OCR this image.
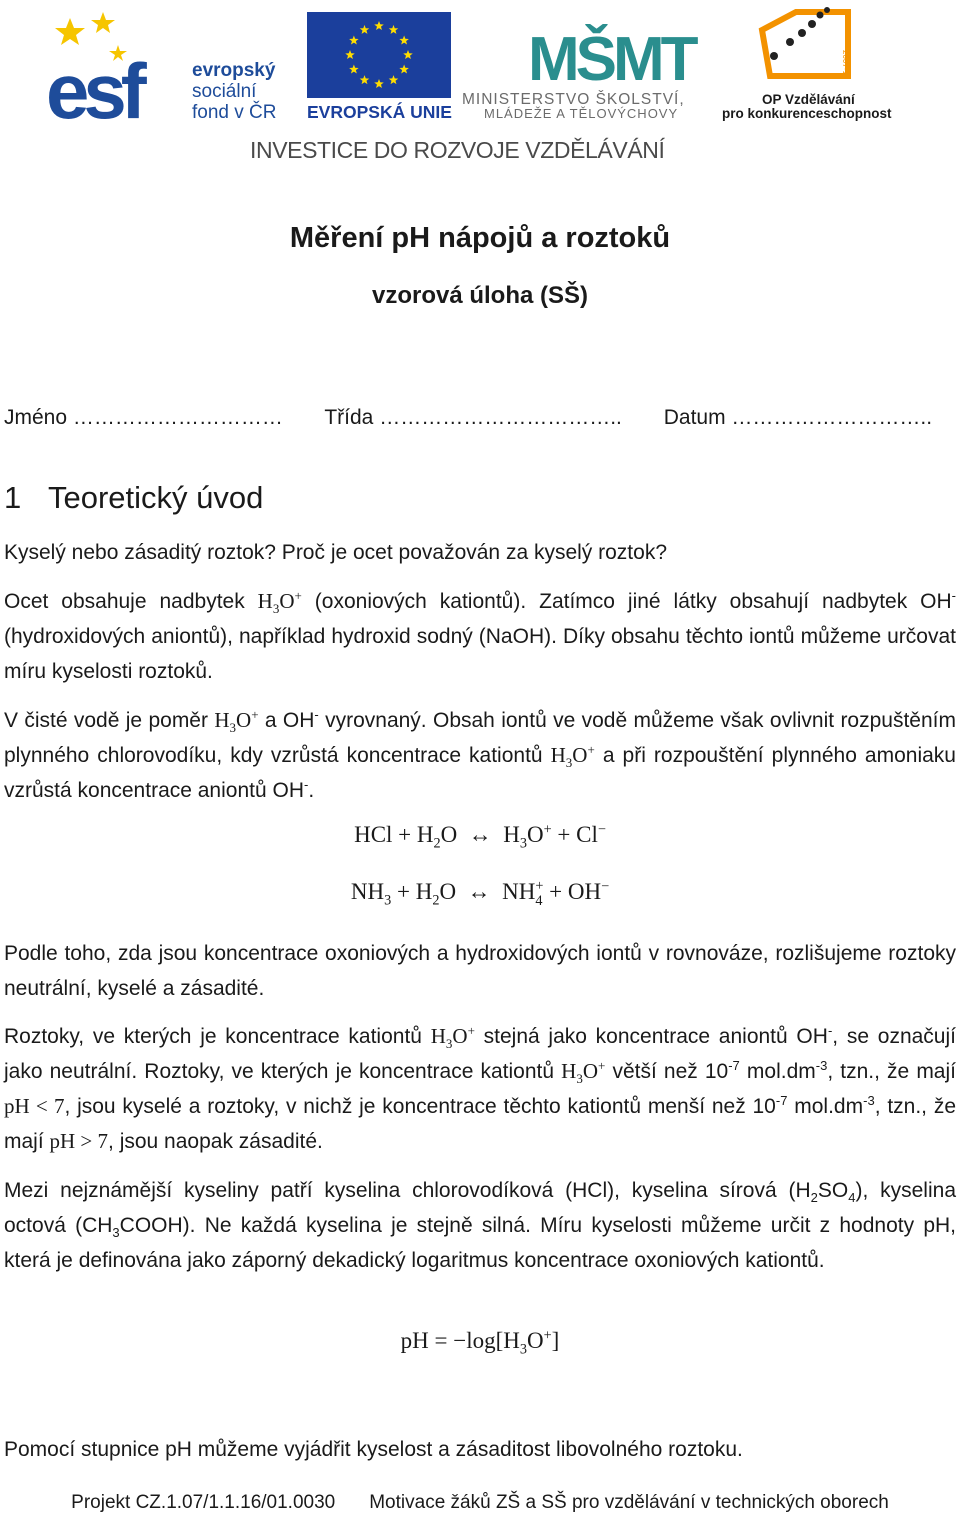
esf	evropský
sociální
fond v ČR EVROPSKÁ UNIE
MŠMT
MINISTERSTVO ŠKOLSTVÍ,
MLÁDEŽE A TĚLOVÝCHOVY
2007-13
OP Vzdělávání
pro konkurenceschopnost
INVESTICE DO ROZVOJE VZDĚLÁVÁNÍ
Měření pH nápojů a roztoků
vzorová úloha (SŠ)
Jméno ………………………… Třída …………………………….. Datum ………………………..
1 Teoretický úvod
Kyselý nebo zásaditý roztok? Proč je ocet považován za kyselý roztok?
Ocet obsahuje nadbytek $H_3O^+$ (oxoniových kationtů). Zatímco jiné látky obsahují nadbytek OH- (hydroxidových aniontů), například hydroxid sodný (NaOH). Díky obsahu těchto iontů můžeme určovat míru kyselosti roztoků.
V čisté vodě je poměr $H_3O^+$ a OH- vyrovnaný. Obsah iontů ve vodě můžeme však ovlivnit rozpuštěním plynného chlorovodíku, kdy vzrůstá koncentrace kationtů $H_3O^+$ a při rozpouštění plynného amoniaku vzrůstá koncentrace aniontů OH-.
HCl + $H_2O$  ↔  $H_3O^+ + Cl^-$
$NH_3 + H_2O$  ↔  NH +
4 + OH−
Podle toho, zda jsou koncentrace oxoniových a hydroxidových iontů v rovnováze, rozlišujeme roztoky neutrální, kyselé a zásadité.
Roztoky, ve kterých je koncentrace kationtů $H_3O^+$ stejná jako koncentrace aniontů OH-, se označují jako neutrální. Roztoky, ve kterých je koncentrace kationtů $H_3O^+$ větší než $10^{-7}$ $mol.dm^{-3}$, tzn., že mají pH < 7, jsou kyselé a roztoky, v nichž je koncentrace těchto kationtů menší než $10^{-7}$ $mol.dm^{-3}$, tzn., že mají pH > 7, jsou naopak zásadité.
Mezi nejznámější kyseliny patří kyselina chlorovodíková (HCl), kyselina sírová $(H_2SO_4)$, kyselina octová $(CH_3COOH)$. Ne každá kyselina je stejně silná. Míru kyselosti můžeme určit z hodnoty pH, která je definována jako záporný dekadický logaritmus koncentrace oxoniových kationtů.
pH = $-\log[H_3O^+]$
Pomocí stupnice pH můžeme vyjádřit kyselost a zásaditost libovolného roztoku.
Projekt CZ.1.07/1.1.16/01.0030 Motivace žáků ZŠ a SŠ pro vzdělávání v technických oborech
